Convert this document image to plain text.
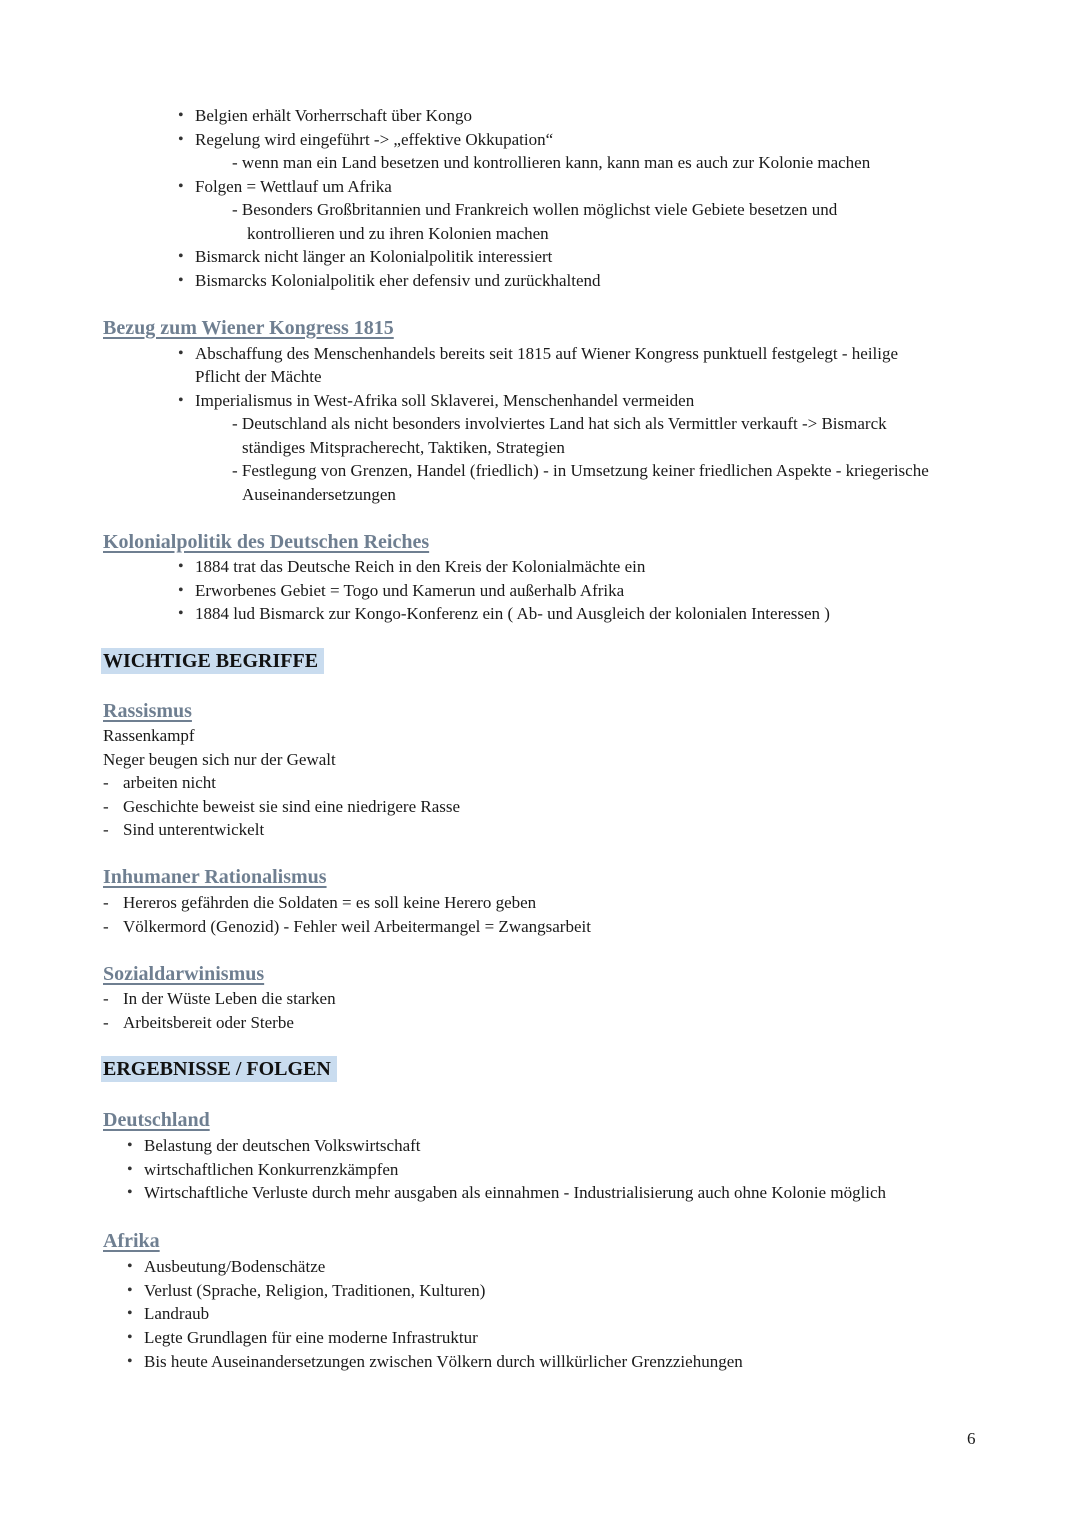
• Belgien erhält Vorherrschaft über Kongo
• Regelung wird eingeführt -> „effektive Okkupation“
- wenn man ein Land besetzen und kontrollieren kann, kann man es auch zur Kolonie machen
• Folgen = Wettlauf um Afrika
- Besonders Großbritannien und Frankreich wollen möglichst viele Gebiete besetzen und
kontrollieren und zu ihren Kolonien machen
• Bismarck nicht länger an Kolonialpolitik interessiert
• Bismarcks Kolonialpolitik eher defensiv und zurückhaltend
Bezug zum Wiener Kongress 1815
• Abschaffung des Menschenhandels bereits seit 1815 auf Wiener Kongress punktuell festgelegt - heilige
Pflicht der Mächte
• Imperialismus in West-Afrika soll Sklaverei, Menschenhandel vermeiden
- Deutschland als nicht besonders involviertes Land hat sich als Vermittler verkauft -> Bismarck
ständiges Mitspracherecht, Taktiken, Strategien
- Festlegung von Grenzen, Handel (friedlich) - in Umsetzung keiner friedlichen Aspekte - kriegerische
Auseinandersetzungen
Kolonialpolitik des Deutschen Reiches
• 1884 trat das Deutsche Reich in den Kreis der Kolonialmächte ein
• Erworbenes Gebiet = Togo und Kamerun und außerhalb Afrika
• 1884 lud Bismarck zur Kongo-Konferenz ein ( Ab- und Ausgleich der kolonialen Interessen )
WICHTIGE BEGRIFFE
Rassismus
Rassenkampf
Neger beugen sich nur der Gewalt
- arbeiten nicht
- Geschichte beweist sie sind eine niedrigere Rasse
- Sind unterentwickelt
Inhumaner Rationalismus
- Hereros gefährden die Soldaten = es soll keine Herero geben
- Völkermord (Genozid) - Fehler weil Arbeitermangel = Zwangsarbeit
Sozialdarwinismus
- In der Wüste Leben die starken
- Arbeitsbereit oder Sterbe
ERGEBNISSE / FOLGEN
Deutschland
• Belastung der deutschen Volkswirtschaft
• wirtschaftlichen Konkurrenzkämpfen
• Wirtschaftliche Verluste durch mehr ausgaben als einnahmen - Industrialisierung auch ohne Kolonie möglich
Afrika
• Ausbeutung/Bodenschätze
• Verlust (Sprache, Religion, Traditionen, Kulturen)
• Landraub
• Legte Grundlagen für eine moderne Infrastruktur
• Bis heute Auseinandersetzungen zwischen Völkern durch willkürlicher Grenzziehungen
6
